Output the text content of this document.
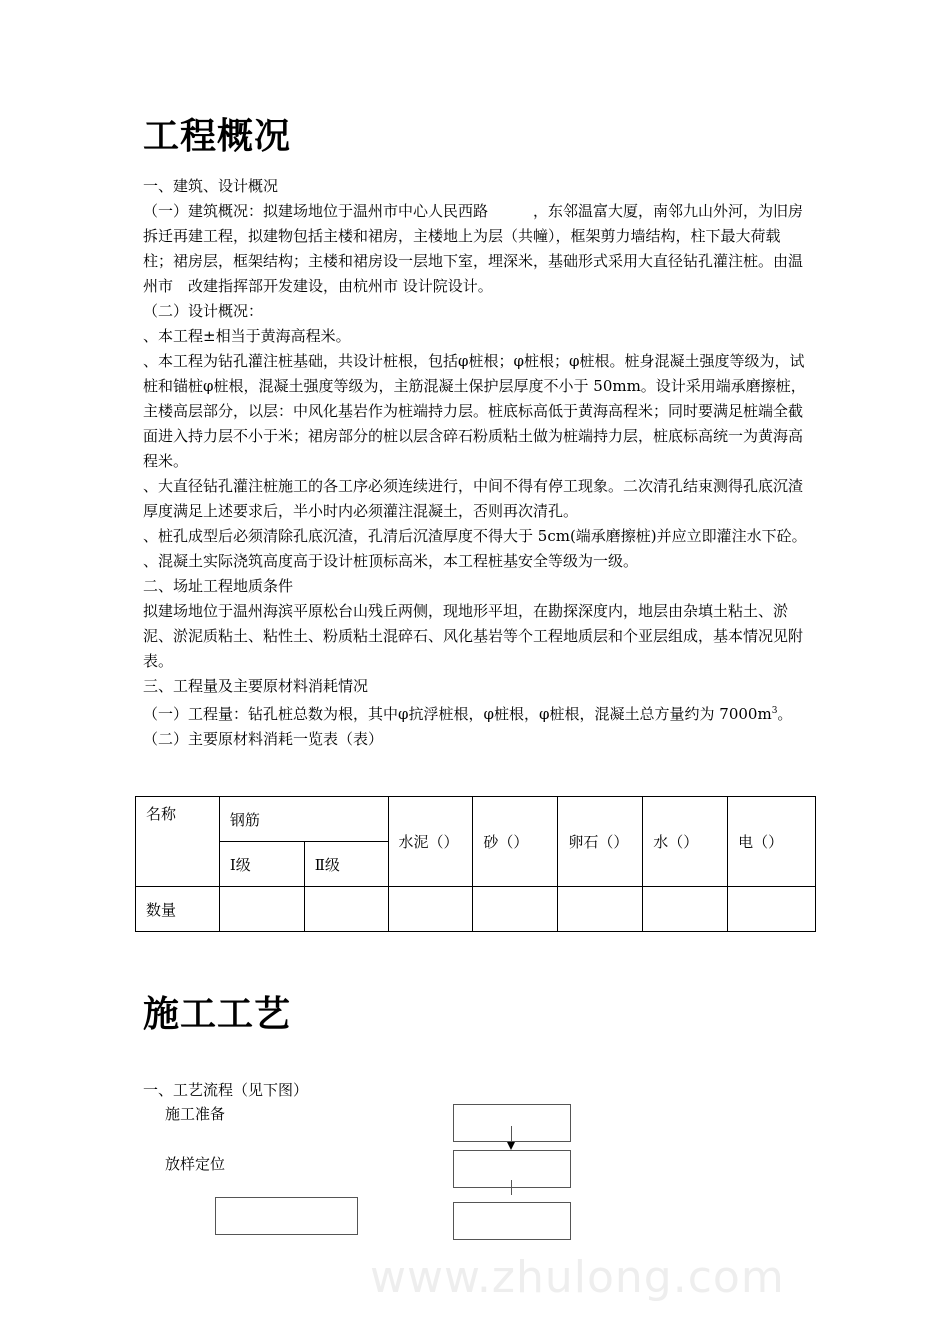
工程概况

一、建筑、设计概况

（一）建筑概况：拟建场地位于温州市中心人民西路　　　，东邻温富大厦，南邻九山外河，为旧房拆迁再建工程，拟建物包括主楼和裙房，主楼地上为层（共幢），框架剪力墙结构，柱下最大荷载柱；裙房层，框架结构；主楼和裙房设一层地下室，埋深米，基础形式采用大直径钻孔灌注桩。由温州市　改建指挥部开发建设，由杭州市 设计院设计。

（二）设计概况：

、本工程±相当于黄海高程米。

、本工程为钻孔灌注桩基础，共设计桩根，包括φ桩根；φ桩根；φ桩根。桩身混凝土强度等级为，试桩和锚桩φ桩根，混凝土强度等级为，主筋混凝土保护层厚度不小于 50mm。设计采用端承磨擦桩，主楼高层部分，以层：中风化基岩作为桩端持力层。桩底标高低于黄海高程米；同时要满足桩端全截面进入持力层不小于米；裙房部分的桩以层含碎石粉质粘土做为桩端持力层，桩底标高统一为黄海高程米。

、大直径钻孔灌注桩施工的各工序必须连续进行，中间不得有停工现象。二次清孔结束测得孔底沉渣厚度满足上述要求后，半小时内必须灌注混凝土，否则再次清孔。

、桩孔成型后必须清除孔底沉渣，孔清后沉渣厚度不得大于 5cm(端承磨擦桩)并应立即灌注水下砼。

、混凝土实际浇筑高度高于设计桩顶标高米，本工程桩基安全等级为一级。

二、场址工程地质条件

拟建场地位于温州海滨平原松台山残丘两侧，现地形平坦，在勘探深度内，地层由杂填土粘土、淤泥、淤泥质粘土、粘性土、粉质粘土混碎石、风化基岩等个工程地质层和个亚层组成，基本情况见附表。

三、工程量及主要原材料消耗情况

（一）工程量：钻孔桩总数为根，其中φ抗浮桩根，φ桩根，φ桩根，混凝土总方量约为 $7000m^3$。

（二）主要原材料消耗一览表（表）

名称	钢筋		水泥（）	砂（）	卵石（）	水（）	电（）
	Ⅰ级	Ⅱ级					
数量							
施工工艺
一、工艺流程（见下图）
施工准备
放样定位
www.zhulong.com
